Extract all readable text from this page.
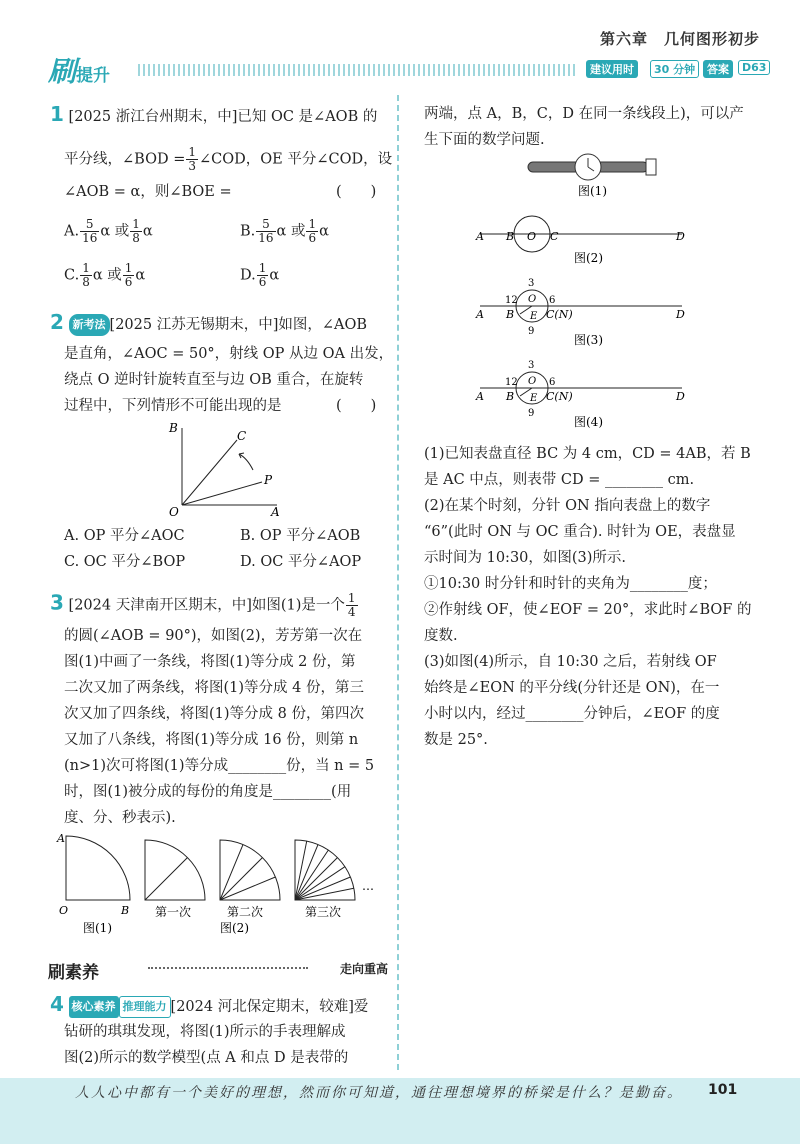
第六章　几何图形初步
刷提升	建议用时	30 分钟	答案	D63
1 [2025 浙江台州期末，中]已知 OC 是∠AOB 的
平分线，∠BOD = $\frac{1}{3}$ ∠COD，OE 平分∠COD，设
∠AOB = α，则∠BOE =	(　　)
A. $\frac{5}{16}$ α 或 $\frac{1}{8}$ α	B. $\frac{5}{16}$ α 或 $\frac{1}{6}$ α
C. $\frac{1}{8}$ α 或 $\frac{1}{6}$ α	D. $\frac{1}{6}$ α
2 新考法 [2025 江苏无锡期末，中]如图，∠AOB
是直角，∠AOC = 50°，射线 OP 从边 OA 出发，
绕点 O 逆时针旋转直至与边 OB 重合，在旋转
过程中，下列情形不可能出现的是	(　　)
B
C
P
O	A
A. OP 平分∠AOC	B. OP 平分∠AOB
C. OC 平分∠BOP	D. OC 平分∠AOP
3 [2024 天津南开区期末，中]如图(1)是一个 $\frac{1}{4}$
的圆(∠AOB = 90°)，如图(2)，芳芳第一次在
图(1)中画了一条线，将图(1)等分成 2 份，第
二次又加了两条线，将图(1)等分成 4 份，第三
次又加了四条线，将图(1)等分成 8 份，第四次
又加了八条线，将图(1)等分成 16 份，则第 n
(n>1)次可将图(1)等分成________份，当 n = 5
时，图(1)被分成的每份的角度是________(用
度、分、秒表示).
A
O	B
…
第一次	第二次	第三次
图(1)	图(2)
刷素养	走向重高
4 核心素养 推理能力 [2024 河北保定期末，较难]爱
钻研的琪琪发现，将图(1)所示的手表理解成
图(2)所示的数学模型(点 A 和点 D 是表带的
两端，点 A，B，C，D 在同一条线段上)，可以产
生下面的数学问题.
图(1)
A B O C	D
图(2)
3
6
9
12 O
E
A B	C(N)	D
图(3)
3
6
9
12 O
E
A B	C(N)	D
图(4)
(1)已知表盘直径 BC 为 4 cm，CD = 4AB，若 B
是 AC 中点，则表带 CD = ________ cm.
(2)在某个时刻，分针 ON 指向表盘上的数字
“6”(此时 ON 与 OC 重合). 时针为 OE，表盘显
示时间为 10:30，如图(3)所示.
①10:30 时分针和时针的夹角为________度；
②作射线 OF，使∠EOF = 20°，求此时∠BOF 的
度数.
(3)如图(4)所示，自 10:30 之后，若射线 OF
始终是∠EON 的平分线(分针还是 ON)，在一
小时以内，经过________分钟后，∠EOF 的度
数是 25°.
人人心中都有一个美好的理想，然而你可知道，通往理想境界的桥梁是什么？是勤奋。 101
